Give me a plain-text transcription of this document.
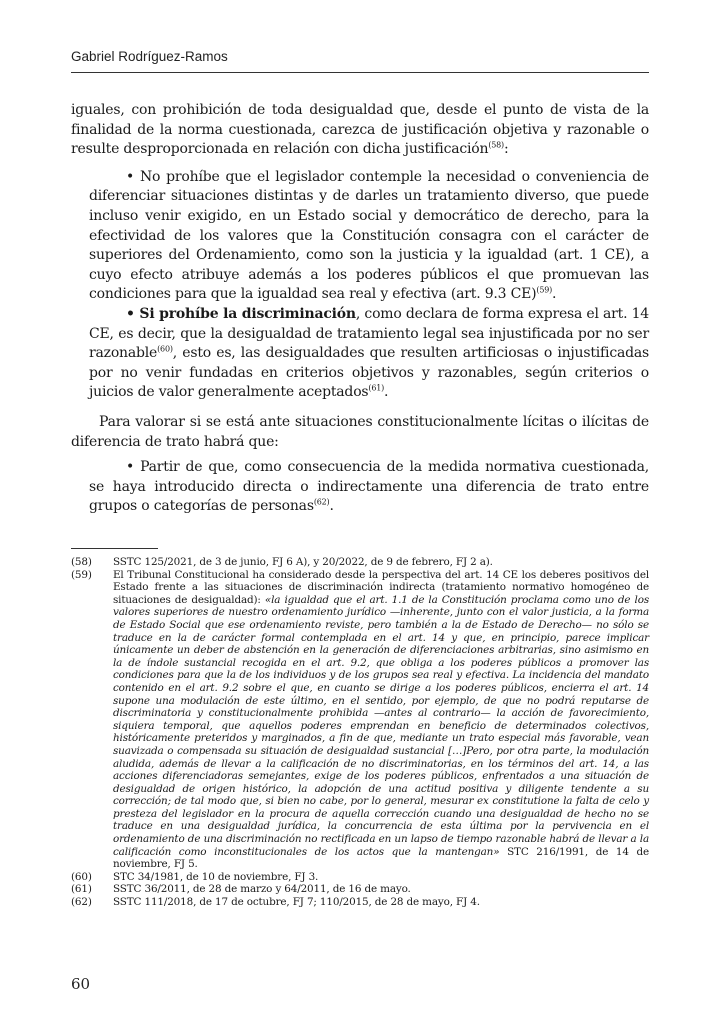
Gabriel Rodríguez-Ramos

iguales, con prohibición de toda desigualdad que, desde el punto de vista de la finalidad de la norma cuestionada, carezca de justificación objetiva y razonable o resulte desproporcionada en relación con dicha justificación$^{(58)}$:

• No prohíbe que el legislador contemple la necesidad o conveniencia de diferenciar situaciones distintas y de darles un tratamiento diverso, que puede incluso venir exigido, en un Estado social y democrático de derecho, para la efectividad de los valores que la Constitución consagra con el carácter de superiores del Ordenamiento, como son la justicia y la igualdad (art. 1 CE), a cuyo efecto atribuye además a los poderes públicos el que promuevan las condiciones para que la igualdad sea real y efectiva (art. 9.3 CE)$^{(59)}$.

• Si prohíbe la discriminación, como declara de forma expresa el art. 14 CE, es decir, que la desigualdad de tratamiento legal sea injustificada por no ser razonable$^{(60)}$, esto es, las desigualdades que resulten artificiosas o injustificadas por no venir fundadas en criterios objetivos y razonables, según criterios o juicios de valor generalmente aceptados$^{(61)}$.

Para valorar si se está ante situaciones constitucionalmente lícitas o ilícitas de diferencia de trato habrá que:

• Partir de que, como consecuencia de la medida normativa cuestionada, se haya introducido directa o indirectamente una diferencia de trato entre grupos o categorías de personas$^{(62)}$.

(58)	SSTC 125/2021, de 3 de junio, FJ 6 A), y 20/2022, de 9 de febrero, FJ 2 a).
(59)	El Tribunal Constitucional ha considerado desde la perspectiva del art. 14 CE los deberes positivos del Estado frente a las situaciones de discriminación indirecta (tratamiento normativo homogéneo de situaciones de desigualdad): «la igualdad que el art. 1.1 de la Constitución proclama como uno de los valores superiores de nuestro ordenamiento jurídico —inherente, junto con el valor justicia, a la forma de Estado Social que ese ordenamiento reviste, pero también a la de Estado de Derecho— no sólo se traduce en la de carácter formal contemplada en el art. 14 y que, en principio, parece implicar únicamente un deber de abstención en la generación de diferenciaciones arbitrarias, sino asimismo en la de índole sustancial recogida en el art. 9.2, que obliga a los poderes públicos a promover las condiciones para que la de los individuos y de los grupos sea real y efectiva. La incidencia del mandato contenido en el art. 9.2 sobre el que, en cuanto se dirige a los poderes públicos, encierra el art. 14 supone una modulación de este último, en el sentido, por ejemplo, de que no podrá reputarse de discriminatoria y constitucionalmente prohibida —antes al contrario— la acción de favorecimiento, siquiera temporal, que aquellos poderes emprendan en beneficio de determinados colectivos, históricamente preteridos y marginados, a fin de que, mediante un trato especial más favorable, vean suavizada o compensada su situación de desigualdad sustancial […]Pero, por otra parte, la modulación aludida, además de llevar a la calificación de no discriminatorias, en los términos del art. 14, a las acciones diferenciadoras semejantes, exige de los poderes públicos, enfrentados a una situación de desigualdad de origen histórico, la adopción de una actitud positiva y diligente tendente a su corrección; de tal modo que, si bien no cabe, por lo general, mesurar ex constitutione la falta de celo y presteza del legislador en la procura de aquella corrección cuando una desigualdad de hecho no se traduce en una desigualdad jurídica, la concurrencia de esta última por la pervivencia en el ordenamiento de una discriminación no rectificada en un lapso de tiempo razonable habrá de llevar a la calificación como inconstitucionales de los actos que la mantengan» STC 216/1991, de 14 de noviembre, FJ 5.
(60)	STC 34/1981, de 10 de noviembre, FJ 3.
(61)	SSTC 36/2011, de 28 de marzo y 64/2011, de 16 de mayo.
(62)	SSTC 111/2018, de 17 de octubre, FJ 7; 110/2015, de 28 de mayo, FJ 4.
60
